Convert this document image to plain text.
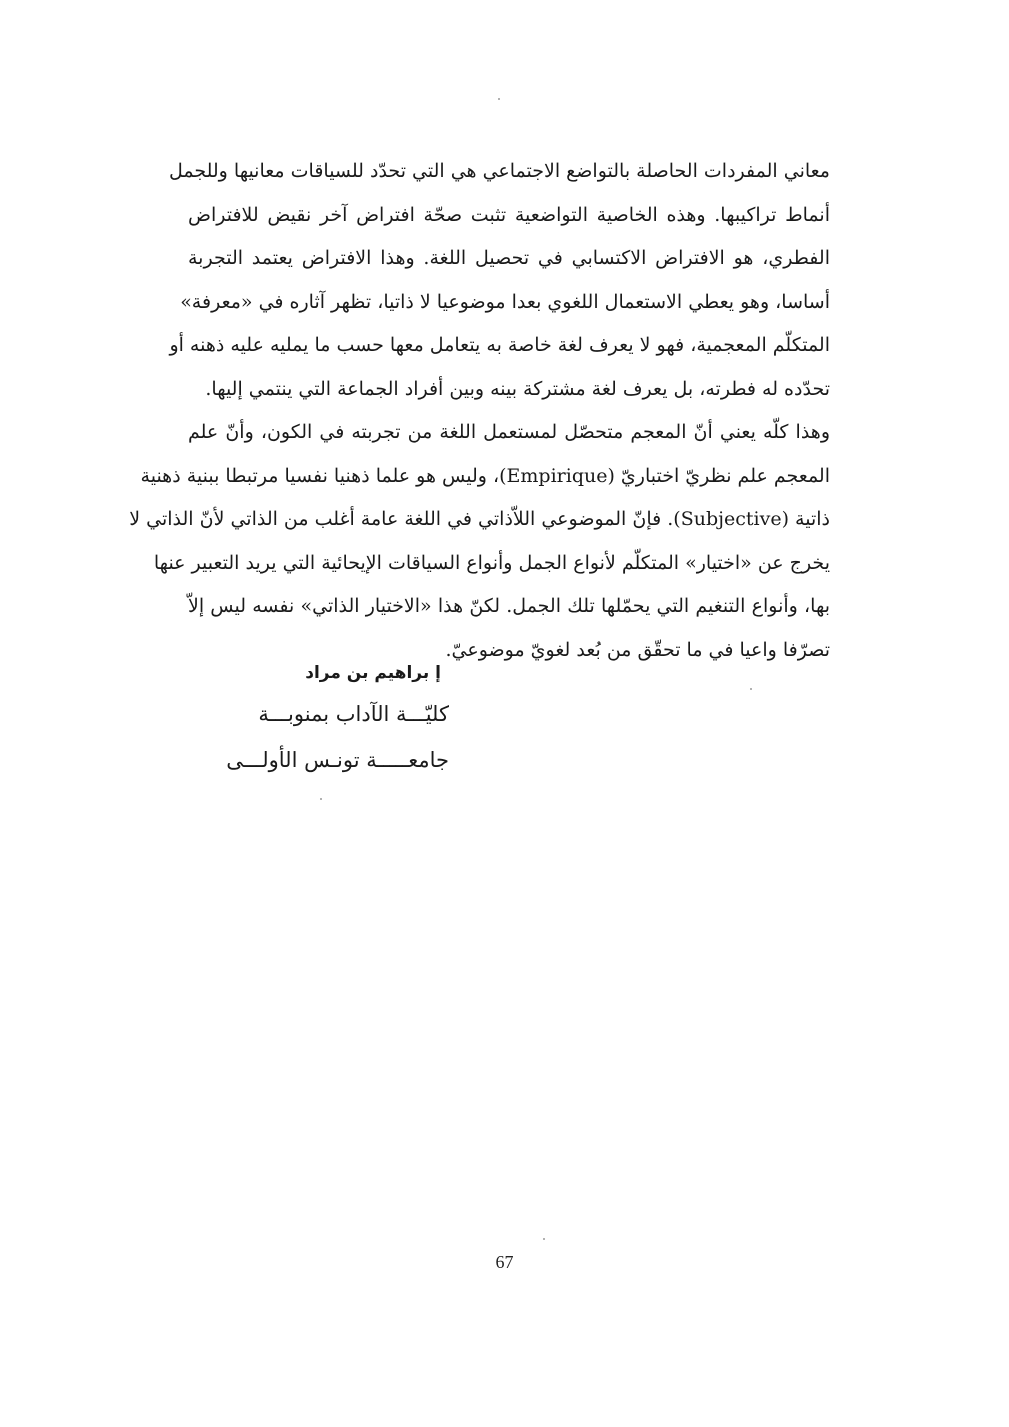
معاني المفردات الحاصلة بالتواضع الاجتماعي هي التي تحدّد للسياقات معانيها وللجمل
أنماط تراكيبها. وهذه الخاصية التواضعية تثبت صحّة افتراض آخر نقيض للافتراض
الفطري، هو الافتراض الاكتسابي في تحصيل اللغة. وهذا الافتراض يعتمد التجربة
أساسا، وهو يعطي الاستعمال اللغوي بعدا موضوعيا لا ذاتيا، تظهر آثاره في «معرفة»
المتكلّم المعجمية، فهو لا يعرف لغة خاصة به يتعامل معها حسب ما يمليه عليه ذهنه أو
تحدّده له فطرته، بل يعرف لغة مشتركة بينه وبين أفراد الجماعة التي ينتمي إليها.
وهذا كلّه يعني أنّ المعجم متحصّل لمستعمل اللغة من تجربته في الكون، وأنّ علم
المعجم علم نظريّ اختباريّ (Empirique)، وليس هو علما ذهنيا نفسيا مرتبطا ببنية ذهنية
ذاتية (Subjective). فإنّ الموضوعي اللاّذاتي في اللغة عامة أغلب من الذاتي لأنّ الذاتي لا
يخرج عن «اختيار» المتكلّم لأنواع الجمل وأنواع السياقات الإيحائية التي يريد التعبير عنها
بها، وأنواع التنغيم التي يحمّلها تلك الجمل. لكنّ هذا «الاختيار الذاتي» نفسه ليس إلاّ
تصرّفا واعيا في ما تحقّق من بُعد لغويّ موضوعيّ.
إ براهيم بن مراد
كليّـــة الآداب بمنوبـــة
جامعـــــة تونـس الأولـــى
67
